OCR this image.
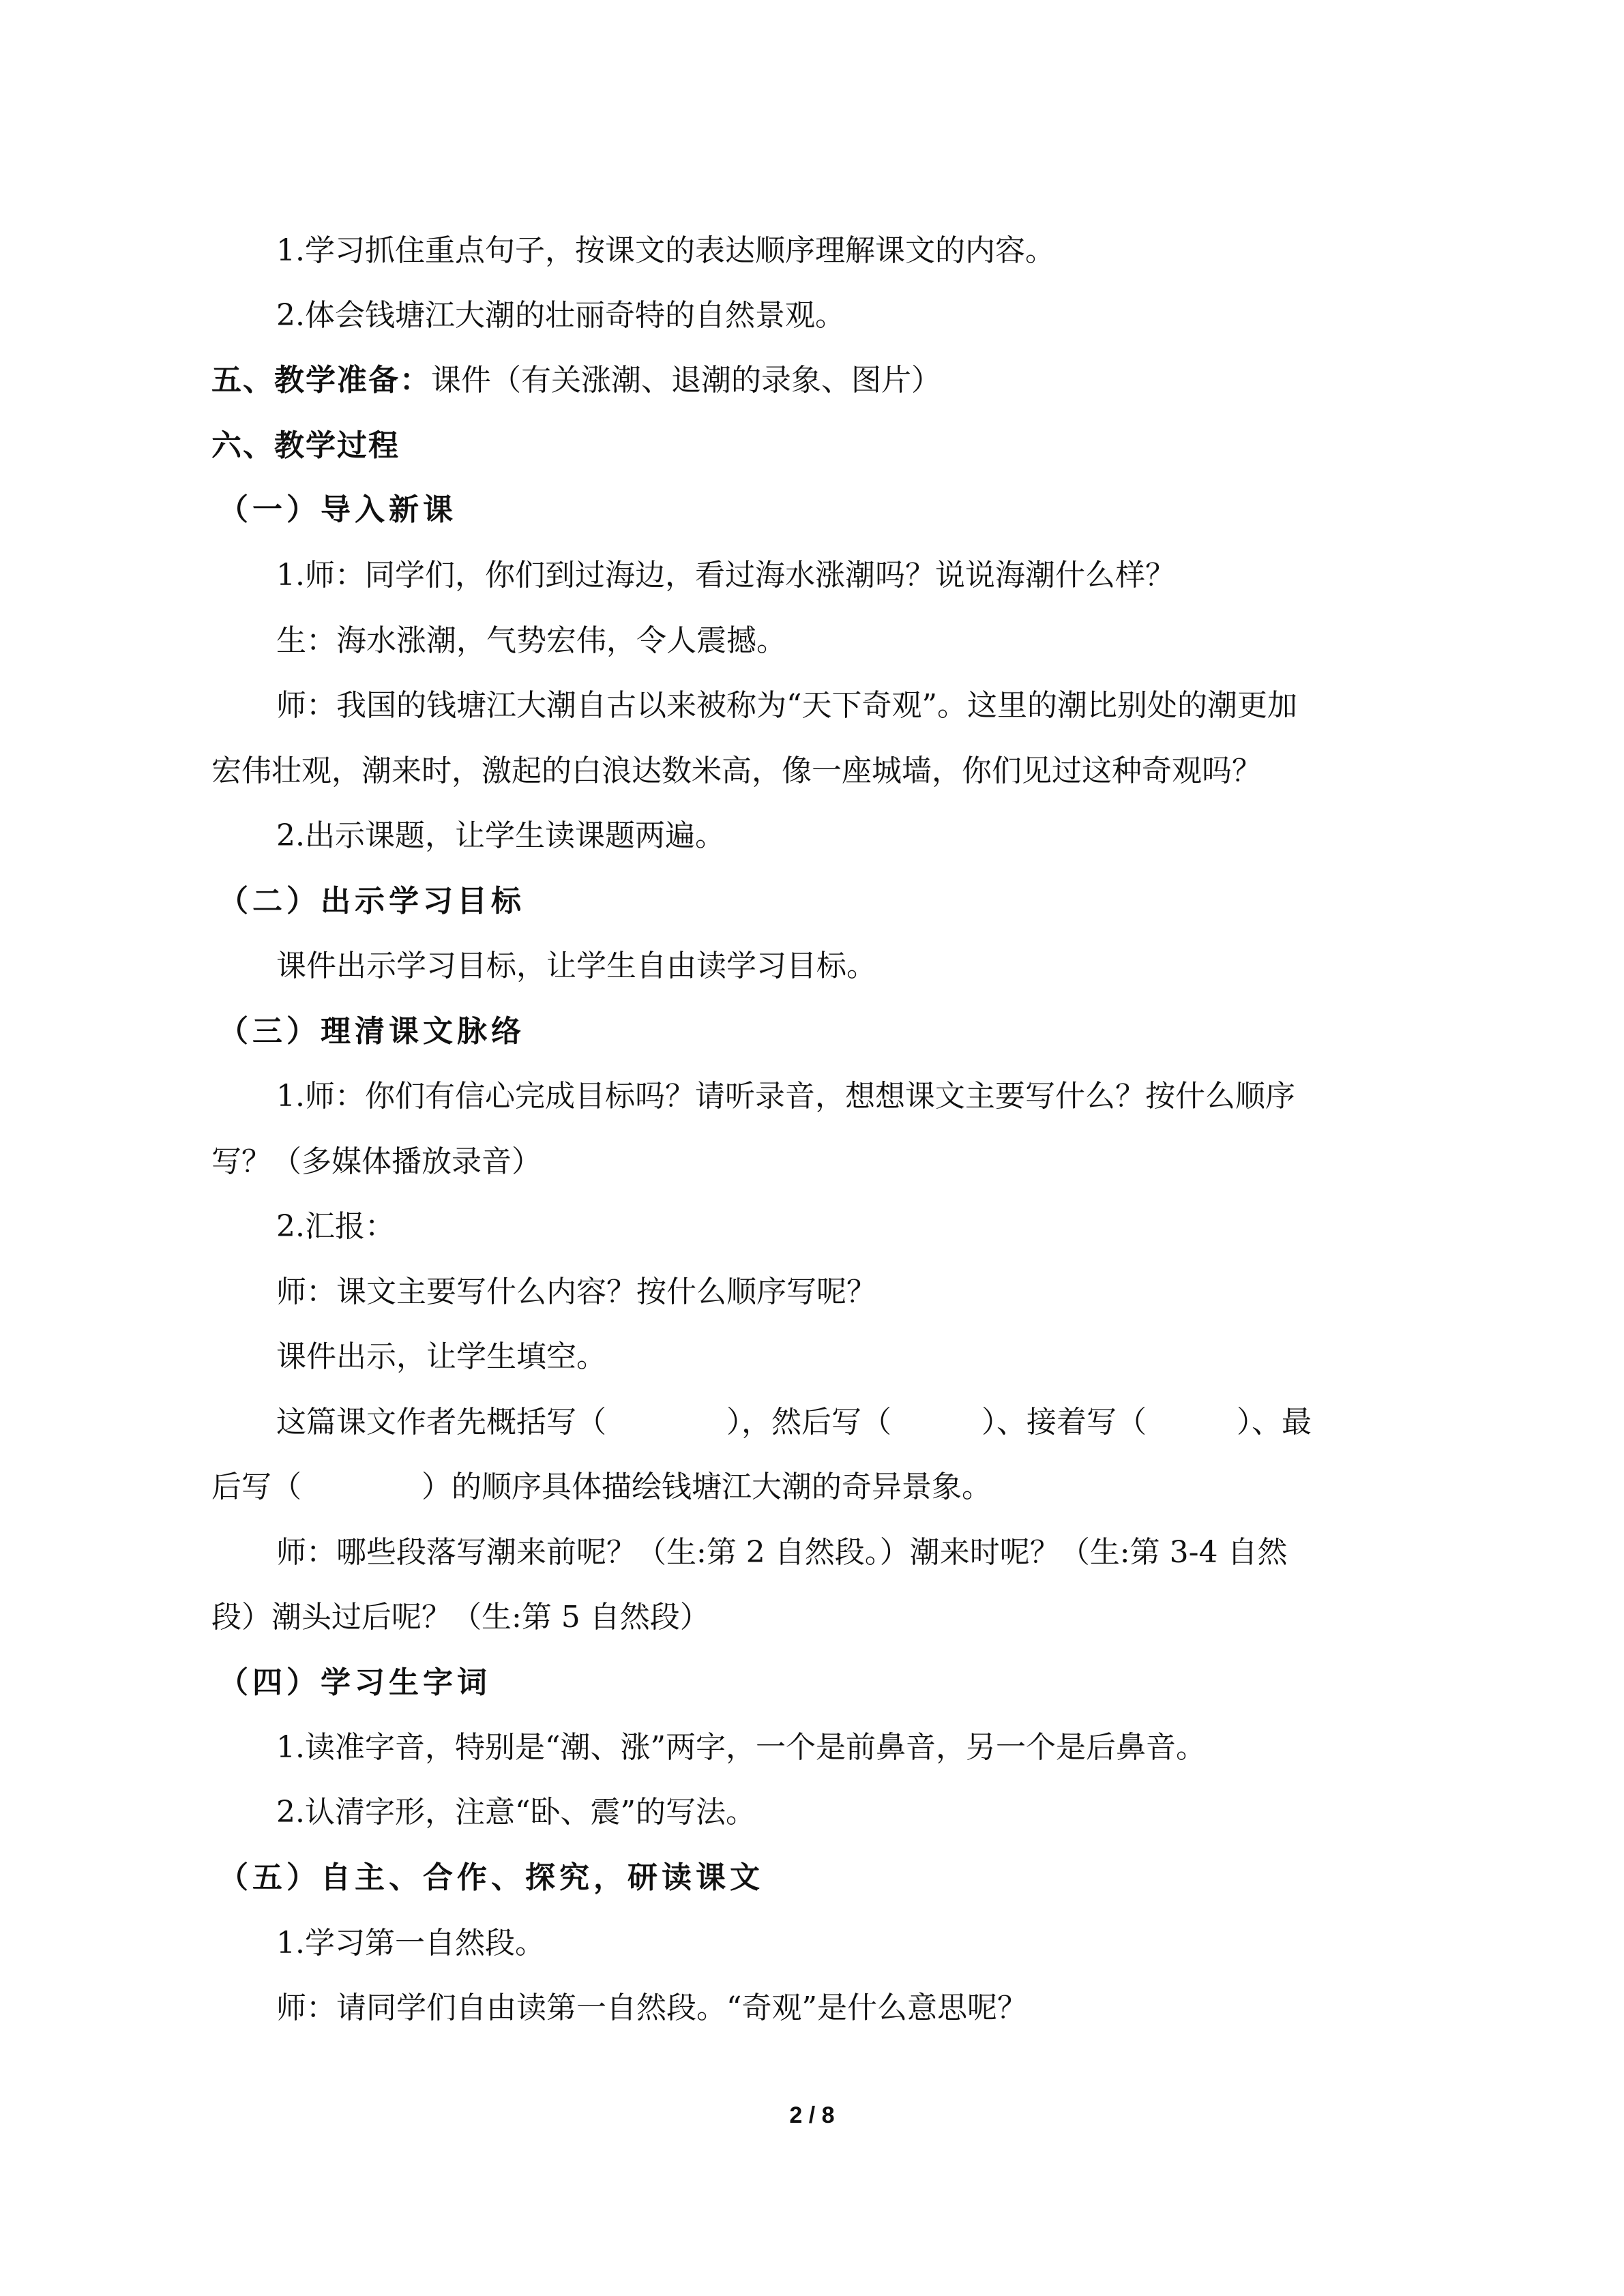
1.学习抓住重点句子，按课文的表达顺序理解课文的内容。
2.体会钱塘江大潮的壮丽奇特的自然景观。
五、教学准备：课件（有关涨潮、退潮的录象、图片）
六、教学过程
（一）导入新课
1.师：同学们，你们到过海边，看过海水涨潮吗？说说海潮什么样？
生：海水涨潮，气势宏伟，令人震撼。
师：我国的钱塘江大潮自古以来被称为“天下奇观”。这里的潮比别处的潮更加
宏伟壮观，潮来时，激起的白浪达数米高，像一座城墙，你们见过这种奇观吗？
2.出示课题，让学生读课题两遍。
（二）出示学习目标
课件出示学习目标，让学生自由读学习目标。
（三）理清课文脉络
1.师：你们有信心完成目标吗？请听录音，想想课文主要写什么？按什么顺序
写？（多媒体播放录音）
2.汇报：
师：课文主要写什么内容？按什么顺序写呢？
课件出示，让学生填空。
这篇课文作者先概括写（　　　　），然后写（　　　）、接着写（　　　）、最
后写（　　　　）的顺序具体描绘钱塘江大潮的奇异景象。
师：哪些段落写潮来前呢？（生:第 2 自然段。）潮来时呢？（生:第 3-4 自然
段）潮头过后呢？（生:第 5 自然段）
（四）学习生字词
1.读准字音，特别是“潮、涨”两字，一个是前鼻音，另一个是后鼻音。
2.认清字形，注意“卧、震”的写法。
（五）自主、合作、探究，研读课文
1.学习第一自然段。
师：请同学们自由读第一自然段。“奇观”是什么意思呢？
2 / 8
